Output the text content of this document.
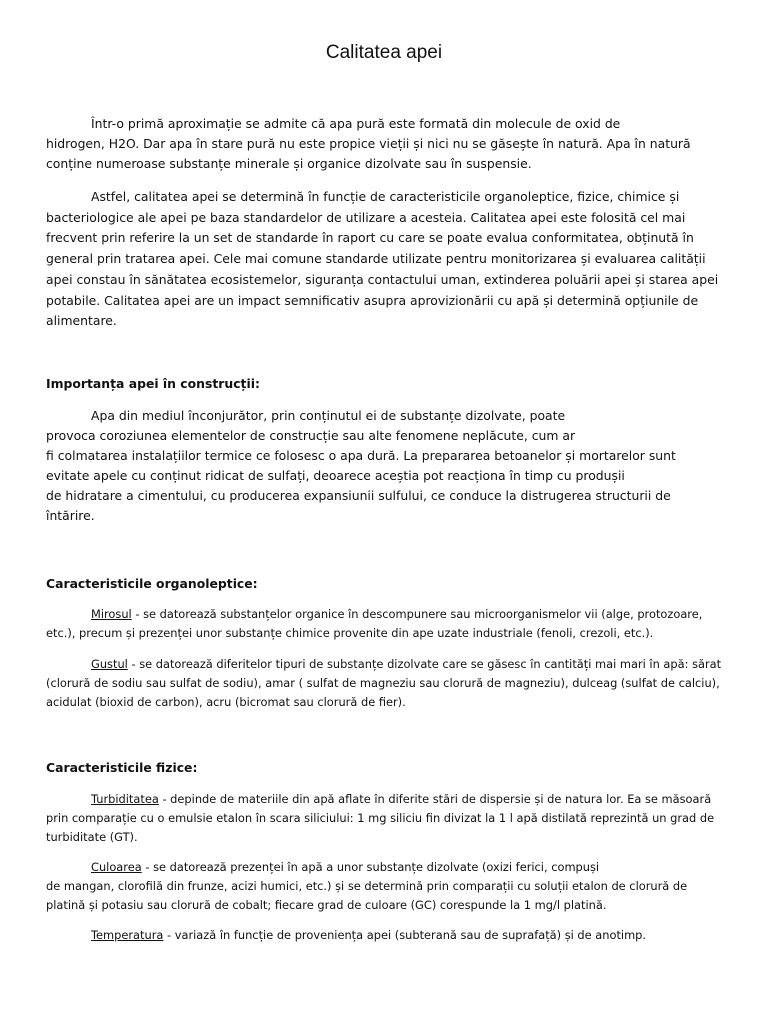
Calitatea apei
Într-o primă aproximație se admite că apa pură este formată din molecule de oxid de
hidrogen, H2O. Dar apa în stare pură nu este propice vieții și nici nu se găsește în natură. Apa în natură
conține numeroase substanțe minerale și organice dizolvate sau în suspensie.
Astfel, calitatea apei se determină în funcție de caracteristicile organoleptice, fizice, chimice și
bacteriologice ale apei pe baza standardelor de utilizare a acesteia. Calitatea apei este folosită cel mai
frecvent prin referire la un set de standarde în raport cu care se poate evalua conformitatea, obținută în
general prin tratarea apei. Cele mai comune standarde utilizate pentru monitorizarea și evaluarea calității
apei constau în sănătatea ecosistemelor, siguranța contactului uman, extinderea poluării apei și starea apei
potabile. Calitatea apei are un impact semnificativ asupra aprovizionării cu apă și determină opțiunile de
alimentare.
Importanța apei în construcții:
Apa din mediul înconjurător, prin conținutul ei de substanțe dizolvate, poate
provoca coroziunea elementelor de construcție sau alte fenomene neplăcute, cum ar
fi colmatarea instalațiilor termice ce folosesc o apa dură. La prepararea betoanelor și mortarelor sunt
evitate apele cu conținut ridicat de sulfați, deoarece aceștia pot reacționa în timp cu produșii
de hidratare a cimentului, cu producerea expansiunii sulfului, ce conduce la distrugerea structurii de
întărire.
Caracteristicile organoleptice:
Mirosul - se datorează substanțelor organice în descompunere sau microorganismelor vii (alge, protozoare,
etc.), precum și prezenței unor substanțe chimice provenite din ape uzate industriale (fenoli, crezoli, etc.).
Gustul - se datorează diferitelor tipuri de substanțe dizolvate care se găsesc în cantități mai mari în apă: sărat
(clorură de sodiu sau sulfat de sodiu), amar ( sulfat de magneziu sau clorură de magneziu), dulceag (sulfat de calciu),
acidulat (bioxid de carbon), acru (bicromat sau clorură de fier).
Caracteristicile fizice:
Turbiditatea - depinde de materiile din apă aflate în diferite stări de dispersie și de natura lor. Ea se măsoară
prin comparație cu o emulsie etalon în scara siliciului: 1 mg siliciu fin divizat la 1 l apă distilată reprezintă un grad de
turbiditate (GT).
Culoarea - se datorează prezenței în apă a unor substanțe dizolvate (oxizi ferici, compuși
de mangan, clorofilă din frunze, acizi humici, etc.) și se determină prin comparații cu soluții etalon de clorură de
platină și potasiu sau clorură de cobalt; fiecare grad de culoare (GC) corespunde la 1 mg/l platină.
Temperatura - variază în funcție de proveniența apei (subterană sau de suprafață) și de anotimp.
